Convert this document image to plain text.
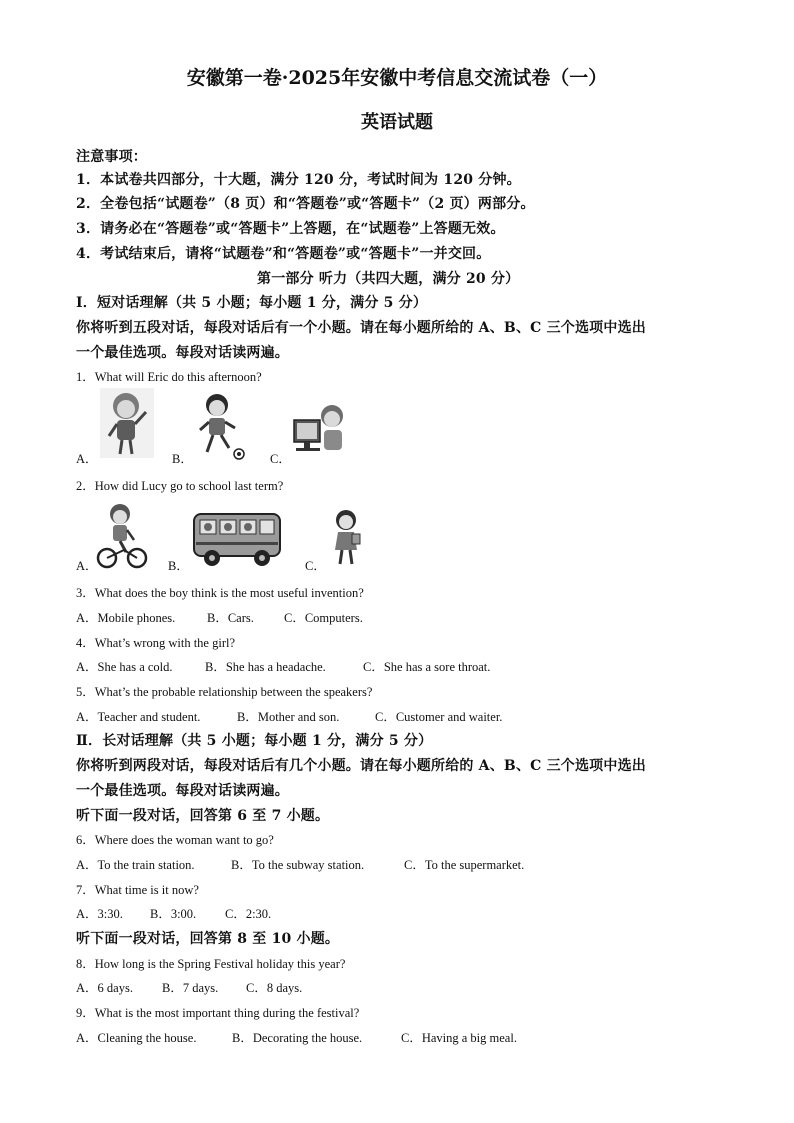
安徽第一卷·2025年安徽中考信息交流试卷（一）
英语试题
注意事项：
1．本试卷共四部分，十大题，满分 120 分，考试时间为 120 分钟。
2．全卷包括“试题卷”（8 页）和“答题卷”或“答题卡”（2 页）两部分。
3．请务必在“答题卷”或“答题卡”上答题，在“试题卷”上答题无效。
4．考试结束后，请将“试题卷”和“答题卷”或“答题卡”一并交回。
第一部分 听力（共四大题，满分 20 分）
Ⅰ．短对话理解（共 5 小题；每小题 1 分，满分 5 分）
你将听到五段对话，每段对话后有一个小题。请在每小题所给的 A、B、C 三个选项中选出
一个最佳选项。每段对话读两遍。
1．What will Eric do this afternoon?
A．	B．	C．
2．How did Lucy go to school last term?
A．	B．	C．
3．What does the boy think is the most useful invention?
A．Mobile phones.	B．Cars. C．Computers.
4．What’s wrong with the girl?
A．She has a cold.	B．She has a headache.	C．She has a sore throat.
5．What’s the probable relationship between the speakers?
A．Teacher and student.	B．Mother and son.	C．Customer and waiter.
Ⅱ．长对话理解（共 5 小题；每小题 1 分，满分 5 分）
你将听到两段对话，每段对话后有几个小题。请在每小题所给的 A、B、C 三个选项中选出
一个最佳选项。每段对话读两遍。
听下面一段对话，回答第 6 至 7 小题。
6．Where does the woman want to go?
A．To the train station.	B．To the subway station.	C．To the supermarket.
7．What time is it now?
A．3:30. B．3:00. C．2:30.
听下面一段对话，回答第 8 至 10 小题。
8．How long is the Spring Festival holiday this year?
A．6 days. B．7 days. C．8 days.
9．What is the most important thing during the festival?
A．Cleaning the house.	B．Decorating the house.	C．Having a big meal.
